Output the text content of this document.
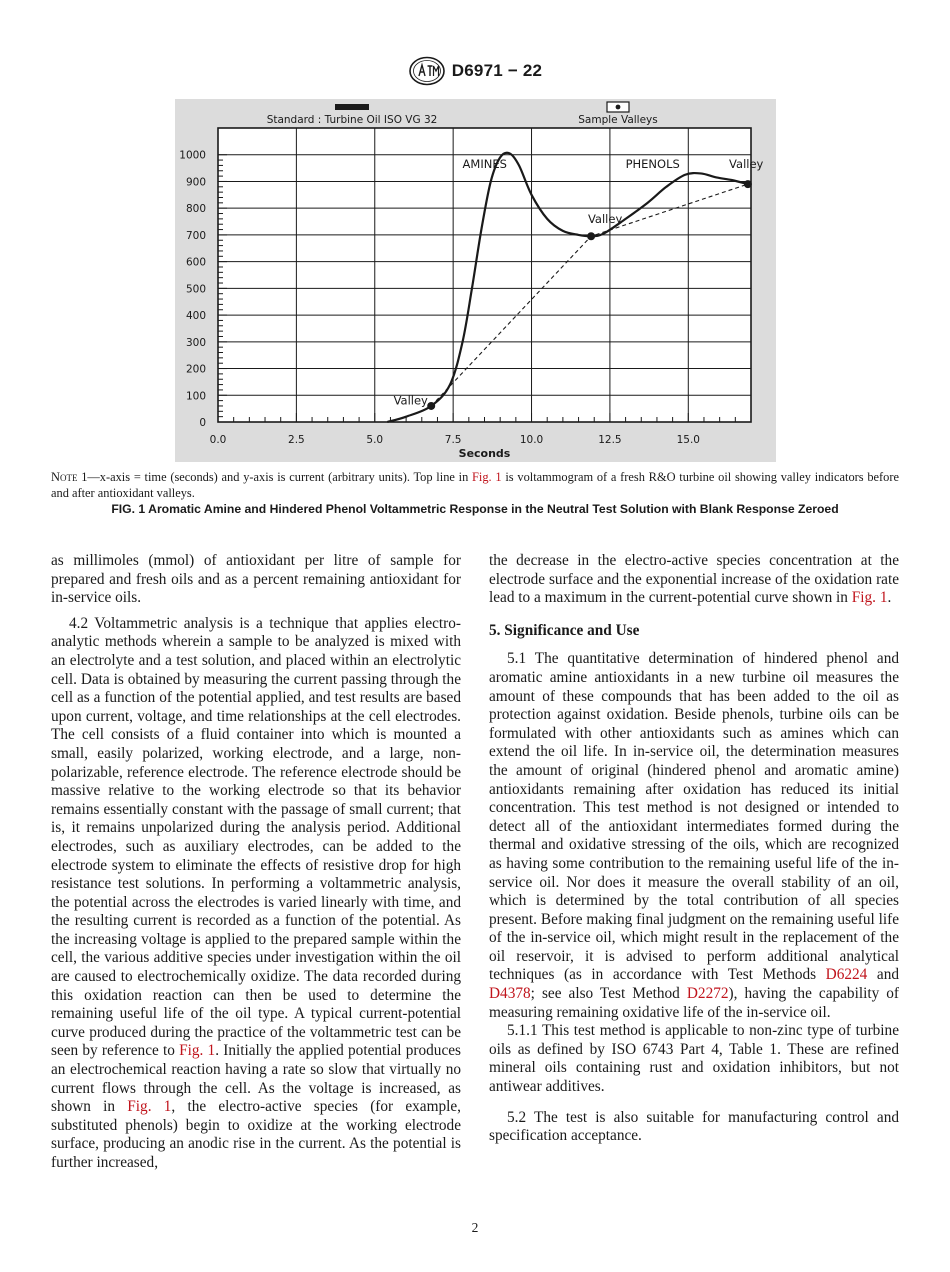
D6971 − 22
0
100
200
300
400
500
600
700
800
900
1000
0.0	2.5	5.0	7.5	10.0	12.5	15.0
Seconds
Standard : Turbine Oil ISO VG 32	Sample Valleys
AMINES	PHENOLS	Valley
Valley
Valley
Note 1—x-axis = time (seconds) and y-axis is current (arbitrary units). Top line in Fig. 1 is voltammogram of a fresh R&O turbine oil showing valley indicators before and after antioxidant valleys.
FIG. 1 Aromatic Amine and Hindered Phenol Voltammetric Response in the Neutral Test Solution with Blank Response Zeroed

as millimoles (mmol) of antioxidant per litre of sample for prepared and fresh oils and as a percent remaining antioxidant for in-service oils.

4.2 Voltammetric analysis is a technique that applies electro-analytic methods wherein a sample to be analyzed is mixed with an electrolyte and a test solution, and placed within an electrolytic cell. Data is obtained by measuring the current passing through the cell as a function of the potential applied, and test results are based upon current, voltage, and time relationships at the cell electrodes. The cell consists of a fluid container into which is mounted a small, easily polarized, working electrode, and a large, non-polarizable, reference electrode. The reference electrode should be massive relative to the working electrode so that its behavior remains essentially constant with the passage of small current; that is, it remains unpolarized during the analysis period. Additional electrodes, such as auxiliary electrodes, can be added to the electrode system to eliminate the effects of resistive drop for high resistance test solutions. In performing a voltammetric analysis, the potential across the electrodes is varied linearly with time, and the resulting current is recorded as a function of the potential. As the increasing voltage is applied to the prepared sample within the cell, the various additive species under investigation within the oil are caused to electrochemically oxidize. The data recorded during this oxidation reaction can then be used to determine the remaining useful life of the oil type. A typical current-potential curve produced during the practice of the voltammetric test can be seen by reference to Fig. 1. Initially the applied potential produces an electrochemical reaction having a rate so slow that virtually no current flows through the cell. As the voltage is increased, as shown in Fig. 1, the electro-active species (for example, substituted phenols) begin to oxidize at the working electrode surface, producing an anodic rise in the current. As the potential is further increased,

the decrease in the electro-active species concentration at the electrode surface and the exponential increase of the oxidation rate lead to a maximum in the current-potential curve shown in Fig. 1.

5. Significance and Use

5.1 The quantitative determination of hindered phenol and aromatic amine antioxidants in a new turbine oil measures the amount of these compounds that has been added to the oil as protection against oxidation. Beside phenols, turbine oils can be formulated with other antioxidants such as amines which can extend the oil life. In in-service oil, the determination measures the amount of original (hindered phenol and aromatic amine) antioxidants remaining after oxidation has reduced its initial concentration. This test method is not designed or intended to detect all of the antioxidant intermediates formed during the thermal and oxidative stressing of the oils, which are recognized as having some contribution to the remaining useful life of the in-service oil. Nor does it measure the overall stability of an oil, which is determined by the total contribution of all species present. Before making final judgment on the remaining useful life of the in-service oil, which might result in the replacement of the oil reservoir, it is advised to perform additional analytical techniques (as in accordance with Test Methods D6224 and D4378; see also Test Method D2272), having the capability of measuring remaining oxidative life of the in-service oil.

5.1.1 This test method is applicable to non-zinc type of turbine oils as defined by ISO 6743 Part 4, Table 1. These are refined mineral oils containing rust and oxidation inhibitors, but not antiwear additives.

5.2 The test is also suitable for manufacturing control and specification acceptance.

2
